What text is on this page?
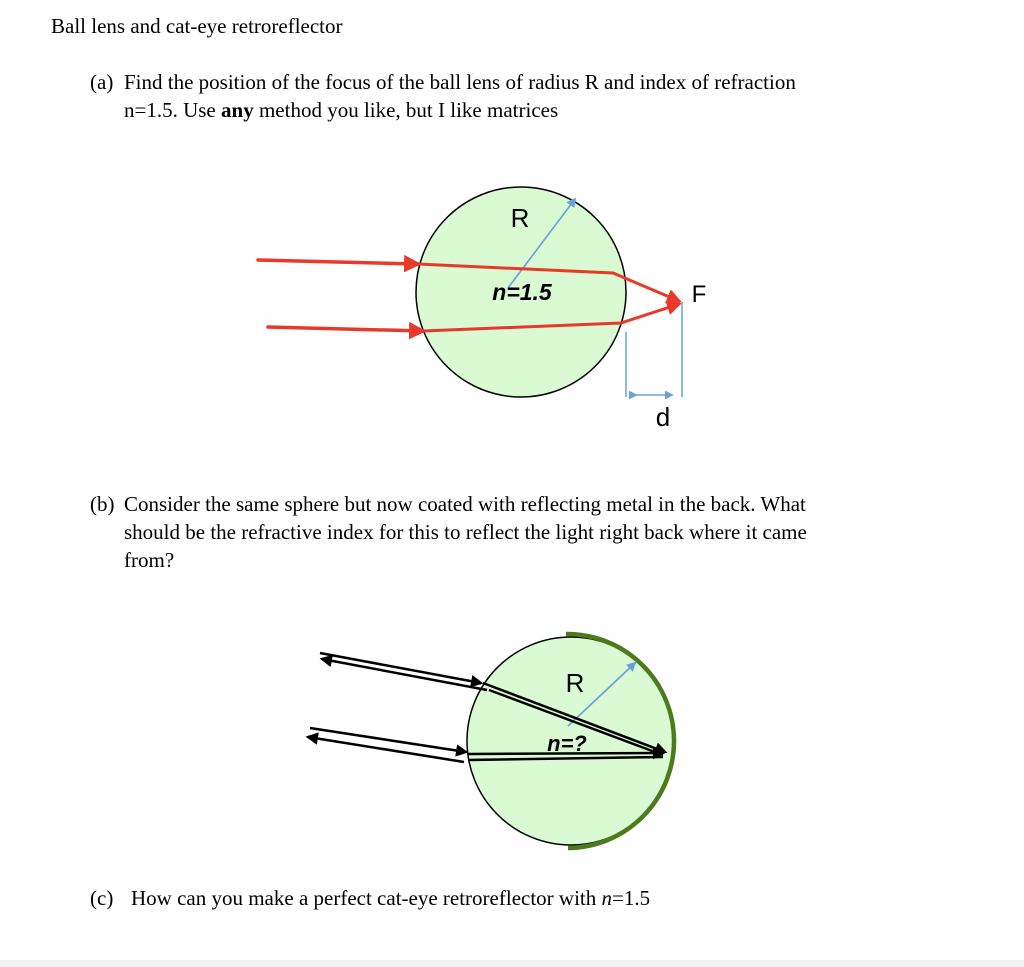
Ball lens and cat-eye retroreflector
(a) Find the position of the focus of the ball lens of radius R and index of refraction
n=1.5. Use any method you like, but I like matrices
R
n=1.5	F
d
R
n=?
(b) Consider the same sphere but now coated with reflecting metal in the back. What
should be the refractive index for this to reflect the light right back where it came
from?
(c) How can you make a perfect cat-eye retroreflector with n=1.5
